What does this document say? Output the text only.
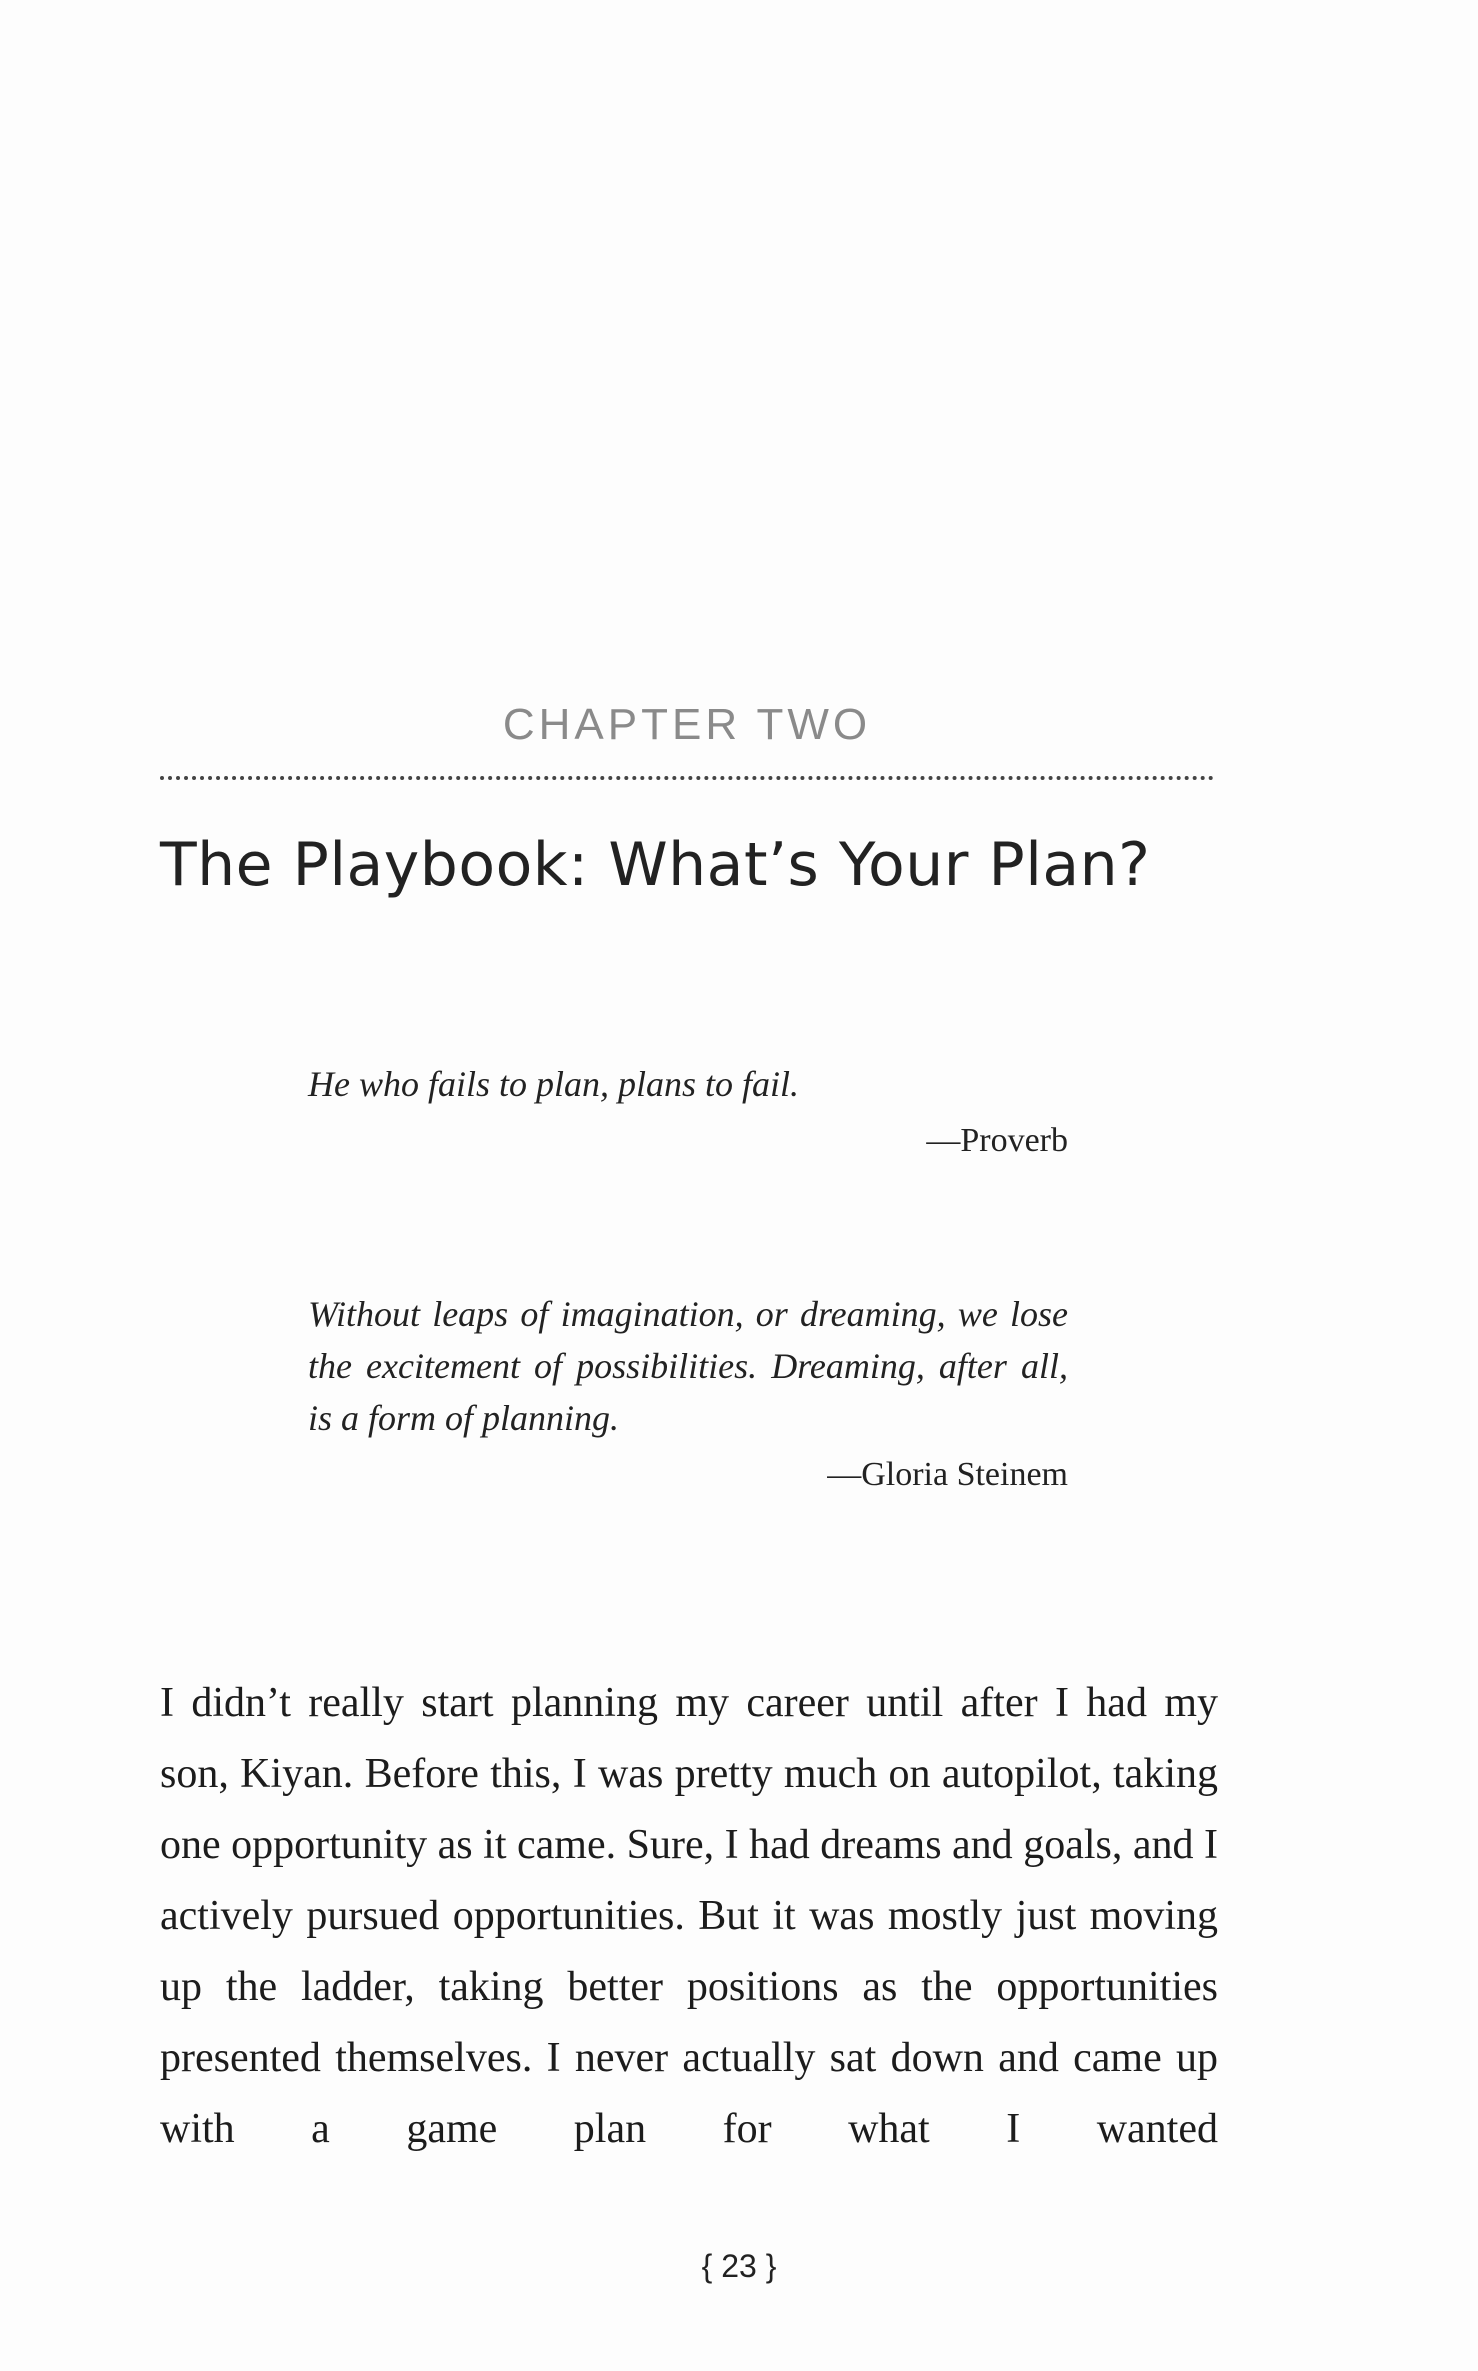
CHAPTER TWO
The Playbook: What’s Your Plan?

He who fails to plan, plans to fail.

—Proverb

Without leaps of imagination, or dreaming, we lose the excitement of possibilities. Dreaming, after all, is a form of planning.

—Gloria Steinem

I didn’t really start planning my career until after I had my son, Kiyan. Before this, I was pretty much on autopilot, taking one opportunity as it came. Sure, I had dreams and goals, and I actively pursued opportunities. But it was mostly just moving up the ladder, taking better positions as the opportunities presented themselves. I never actually sat down and came up with a game plan for what I wanted

{ 23 }
